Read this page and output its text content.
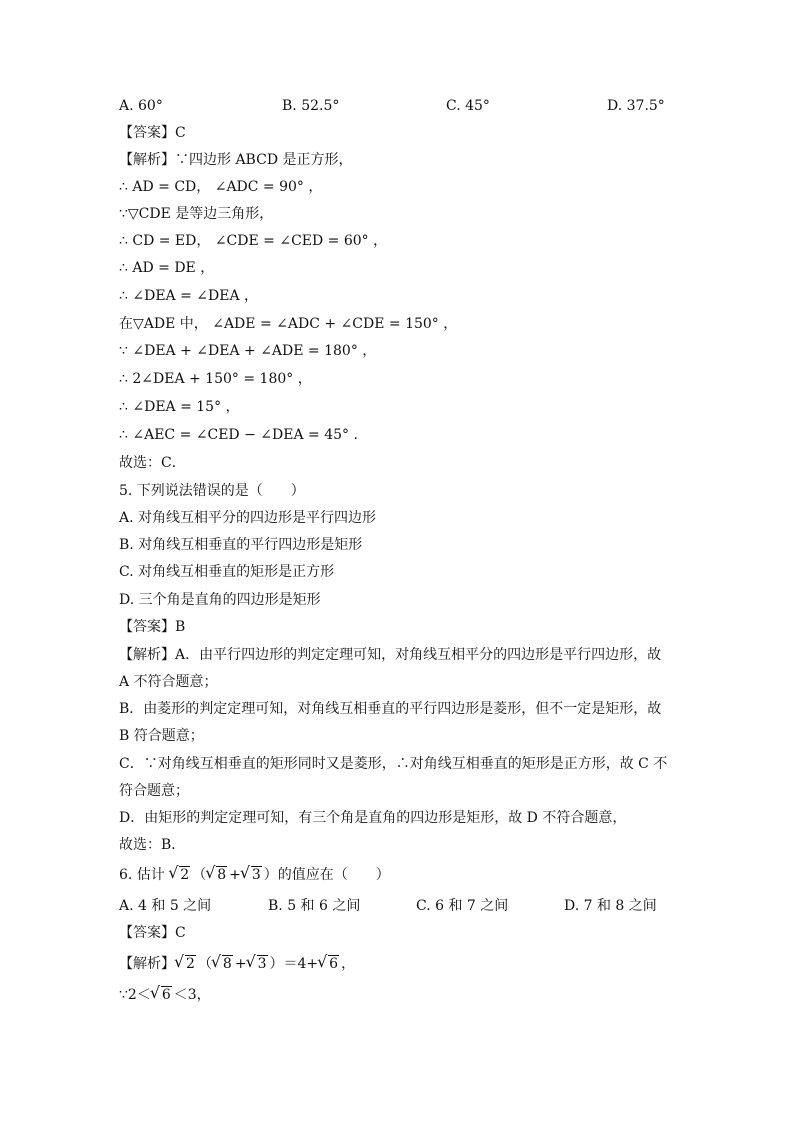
A. 60°	B. 52.5°	C. 45°	D. 37.5°
【答案】C
【解析】∵四边形 ABCD 是正方形，
∴ AD = CD， ∠ADC = 90° ，
∵▽CDE 是等边三角形，
∴ CD = ED， ∠CDE = ∠CED = 60° ，
∴ AD = DE ，
∴ ∠DEA = ∠DEA ，
在▽ADE 中， ∠ADE = ∠ADC + ∠CDE = 150° ，
∵ ∠DEA + ∠DEA + ∠ADE = 180° ，
∴ 2∠DEA + 150° = 180° ，
∴ ∠DEA = 15° ，
∴ ∠AEC = ∠CED − ∠DEA = 45° .
故选：C．
5. 下列说法错误的是（　　）
A. 对角线互相平分的四边形是平行四边形
B. 对角线互相垂直的平行四边形是矩形
C. 对角线互相垂直的矩形是正方形
D. 三个角是直角的四边形是矩形
【答案】B
【解析】A．由平行四边形的判定定理可知，对角线互相平分的四边形是平行四边形，故
A 不符合题意；
B．由菱形的判定定理可知，对角线互相垂直的平行四边形是菱形，但不一定是矩形，故
B 符合题意；
C．∵对角线互相垂直的矩形同时又是菱形，∴对角线互相垂直的矩形是正方形，故 C 不
符合题意；
D．由矩形的判定定理可知，有三个角是直角的四边形是矩形，故 D 不符合题意，
故选：B．
6. 估计 √ 2 （ √ 8 + √ 3 ）的值应在（　　）
A. 4 和 5 之间	B. 5 和 6 之间	C. 6 和 7 之间	D. 7 和 8 之间
【答案】C
【解析】 √ 2 （ √ 8 + √ 3 ）＝4+ √ 6 ，
∵2＜ √ 6 ＜3，
